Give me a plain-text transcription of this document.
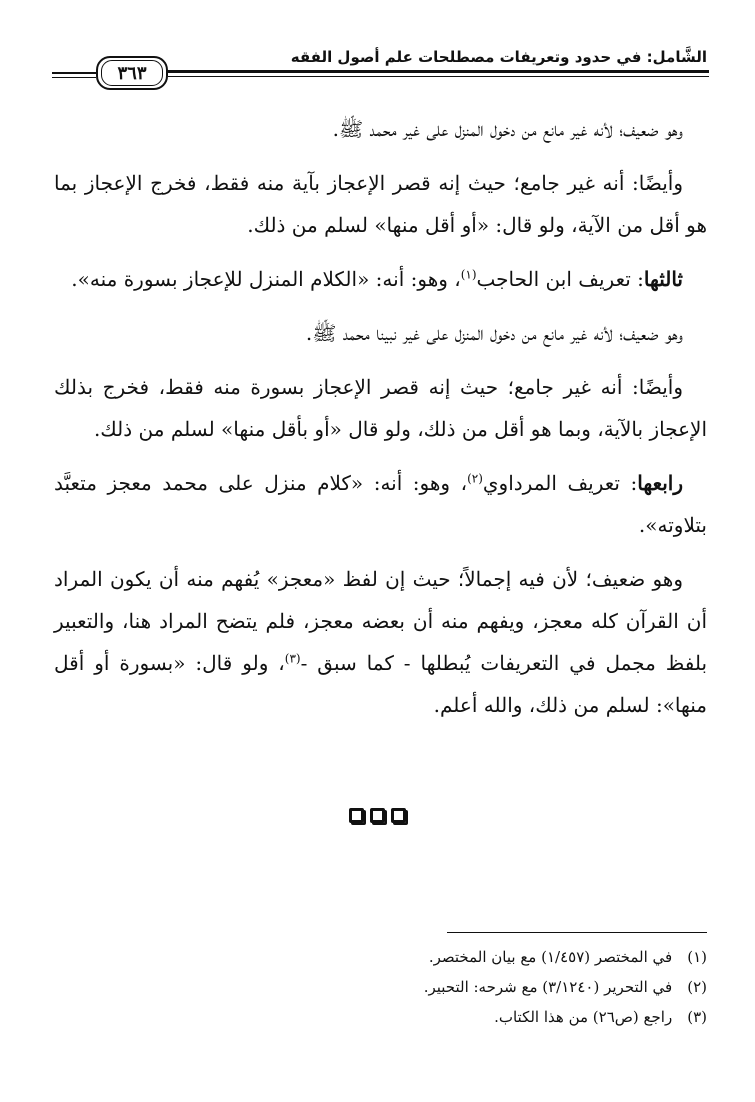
الشَّامل: في حدود وتعريفات مصطلحات علم أصول الفقه
٣٦٣

وهو ضعيف؛ لأنه غير مانع من دخول المنزل على غير محمد ﷺ.

وأيضًا: أنه غير جامع؛ حيث إنه قصر الإعجاز بآية منه فقط، فخرج الإعجاز بما هو أقل من الآية، ولو قال: «أو أقل منها» لسلم من ذلك.

ثالثها: تعريف ابن الحاجب$^{(١)}$، وهو: أنه: «الكلام المنزل للإعجاز بسورة منه».

وهو ضعيف؛ لأنه غير مانع من دخول المنزل على غير نبينا محمد ﷺ.

وأيضًا: أنه غير جامع؛ حيث إنه قصر الإعجاز بسورة منه فقط، فخرج بذلك الإعجاز بالآية، وبما هو أقل من ذلك، ولو قال «أو بأقل منها» لسلم من ذلك.

رابعها: تعريف المرداوي$^{(٢)}$، وهو: أنه: «كلام منزل على محمد معجز متعبَّد بتلاوته».

وهو ضعيف؛ لأن فيه إجمالاً؛ حيث إن لفظ «معجز» يُفهم منه أن يكون المراد أن القرآن كله معجز، ويفهم منه أن بعضه معجز، فلم يتضح المراد هنا، والتعبير بلفظ مجمل في التعريفات يُبطلها - كما سبق -$^{(٣)}$، ولو قال: «بسورة أو أقل منها»: لسلم من ذلك، والله أعلم.

(١) في المختصر (١/٤٥٧) مع بيان المختصر.
(٢) في التحرير (٣/١٢٤٠) مع شرحه: التحبير.
(٣) راجع (ص٢٦) من هذا الكتاب.
